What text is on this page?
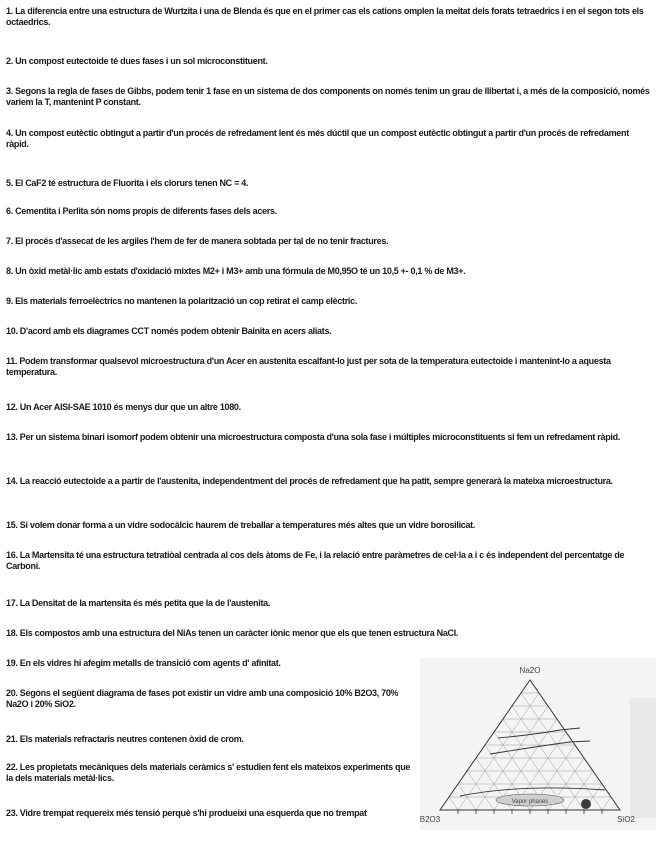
1. La diferencia entre una estructura de Wurtzita i una de Blenda és que en el primer cas els cations omplen la meitat dels forats tetraedrics i en el segon tots els octaedrics.

2. Un compost eutectoide té dues fases i un sol microconstituent.

3. Segons la regla de fases de Gibbs, podem tenir 1 fase en un sistema de dos components on només tenim un grau de llibertat i, a més de la composició, només variem la T, mantenint P constant.

4. Un compost eutèctic obtingut a partir d'un procés de refredament lent és més dúctil que un compost eutèctic obtingut a partir d'un procés de refredament ràpid.

5. El CaF2 té estructura de Fluorita i els clorurs tenen NC = 4.

6. Cementita i Perlita són noms propis de diferents fases dels acers.

7. El procés d'assecat de les argiles l'hem de fer de manera sobtada per tal de no tenir fractures.

8. Un òxid metàl·lic amb estats d'oxidació mixtes M2+ i M3+ amb una fórmula de M0,95O té un 10,5 +- 0,1 % de M3+.

9. Els materials ferroelèctrics no mantenen la polarització un cop retirat el camp elèctric.

10. D'acord amb els diagrames CCT només podem obtenir Bainita en acers aliats.

11. Podem transformar qualsevol microestructura d'un Acer en austenita escalfant-lo just per sota de la temperatura eutectoide i mantenint-lo a aquesta temperatura.

12. Un Acer AISI-SAE 1010 és menys dur que un altre 1080.

13. Per un sistema binari isomorf podem obtenir una microestructura composta d'una sola fase i múltiples microconstituents si fem un refredament ràpid.

14. La reacció eutectoide a a partir de l'austenita, independentment del procés de refredament que ha patit, sempre generarà la mateixa microestructura.

15. Si volem donar forma a un vidre sodocàlcic haurem de treballar a temperatures més altes que un vidre borosilicat.

16. La Martensita té una estructura tetratiòal centrada al cos dels àtoms de Fe, i la relació entre paràmetres de cel·la a i c és independent del percentatge de Carboni.

17. La Densitat de la martensita és més petita que la de l'austenita.

18. Els compostos amb una estructura del NiAs tenen un caràcter iònic menor que els que tenen estructura NaCl.

19. En els vidres hi afegim metalls de transició com agents d' afinitat.

20. Segons el següent diagrama de fases pot existir un vidre amb una composició 10% B2O3, 70% Na2O i 20% SiO2.

21. Els materials refractaris neutres contenen òxid de crom.

22. Les propietats mecàniques dels materials ceràmics s' estudien fent els mateixos experiments que la dels materials metàl·lics.

23. Vidre trempat requereix més tensió perquè s'hi produeixi una esquerda que no trempat

Na2O
B2O3	SiO2
Vapor phases
